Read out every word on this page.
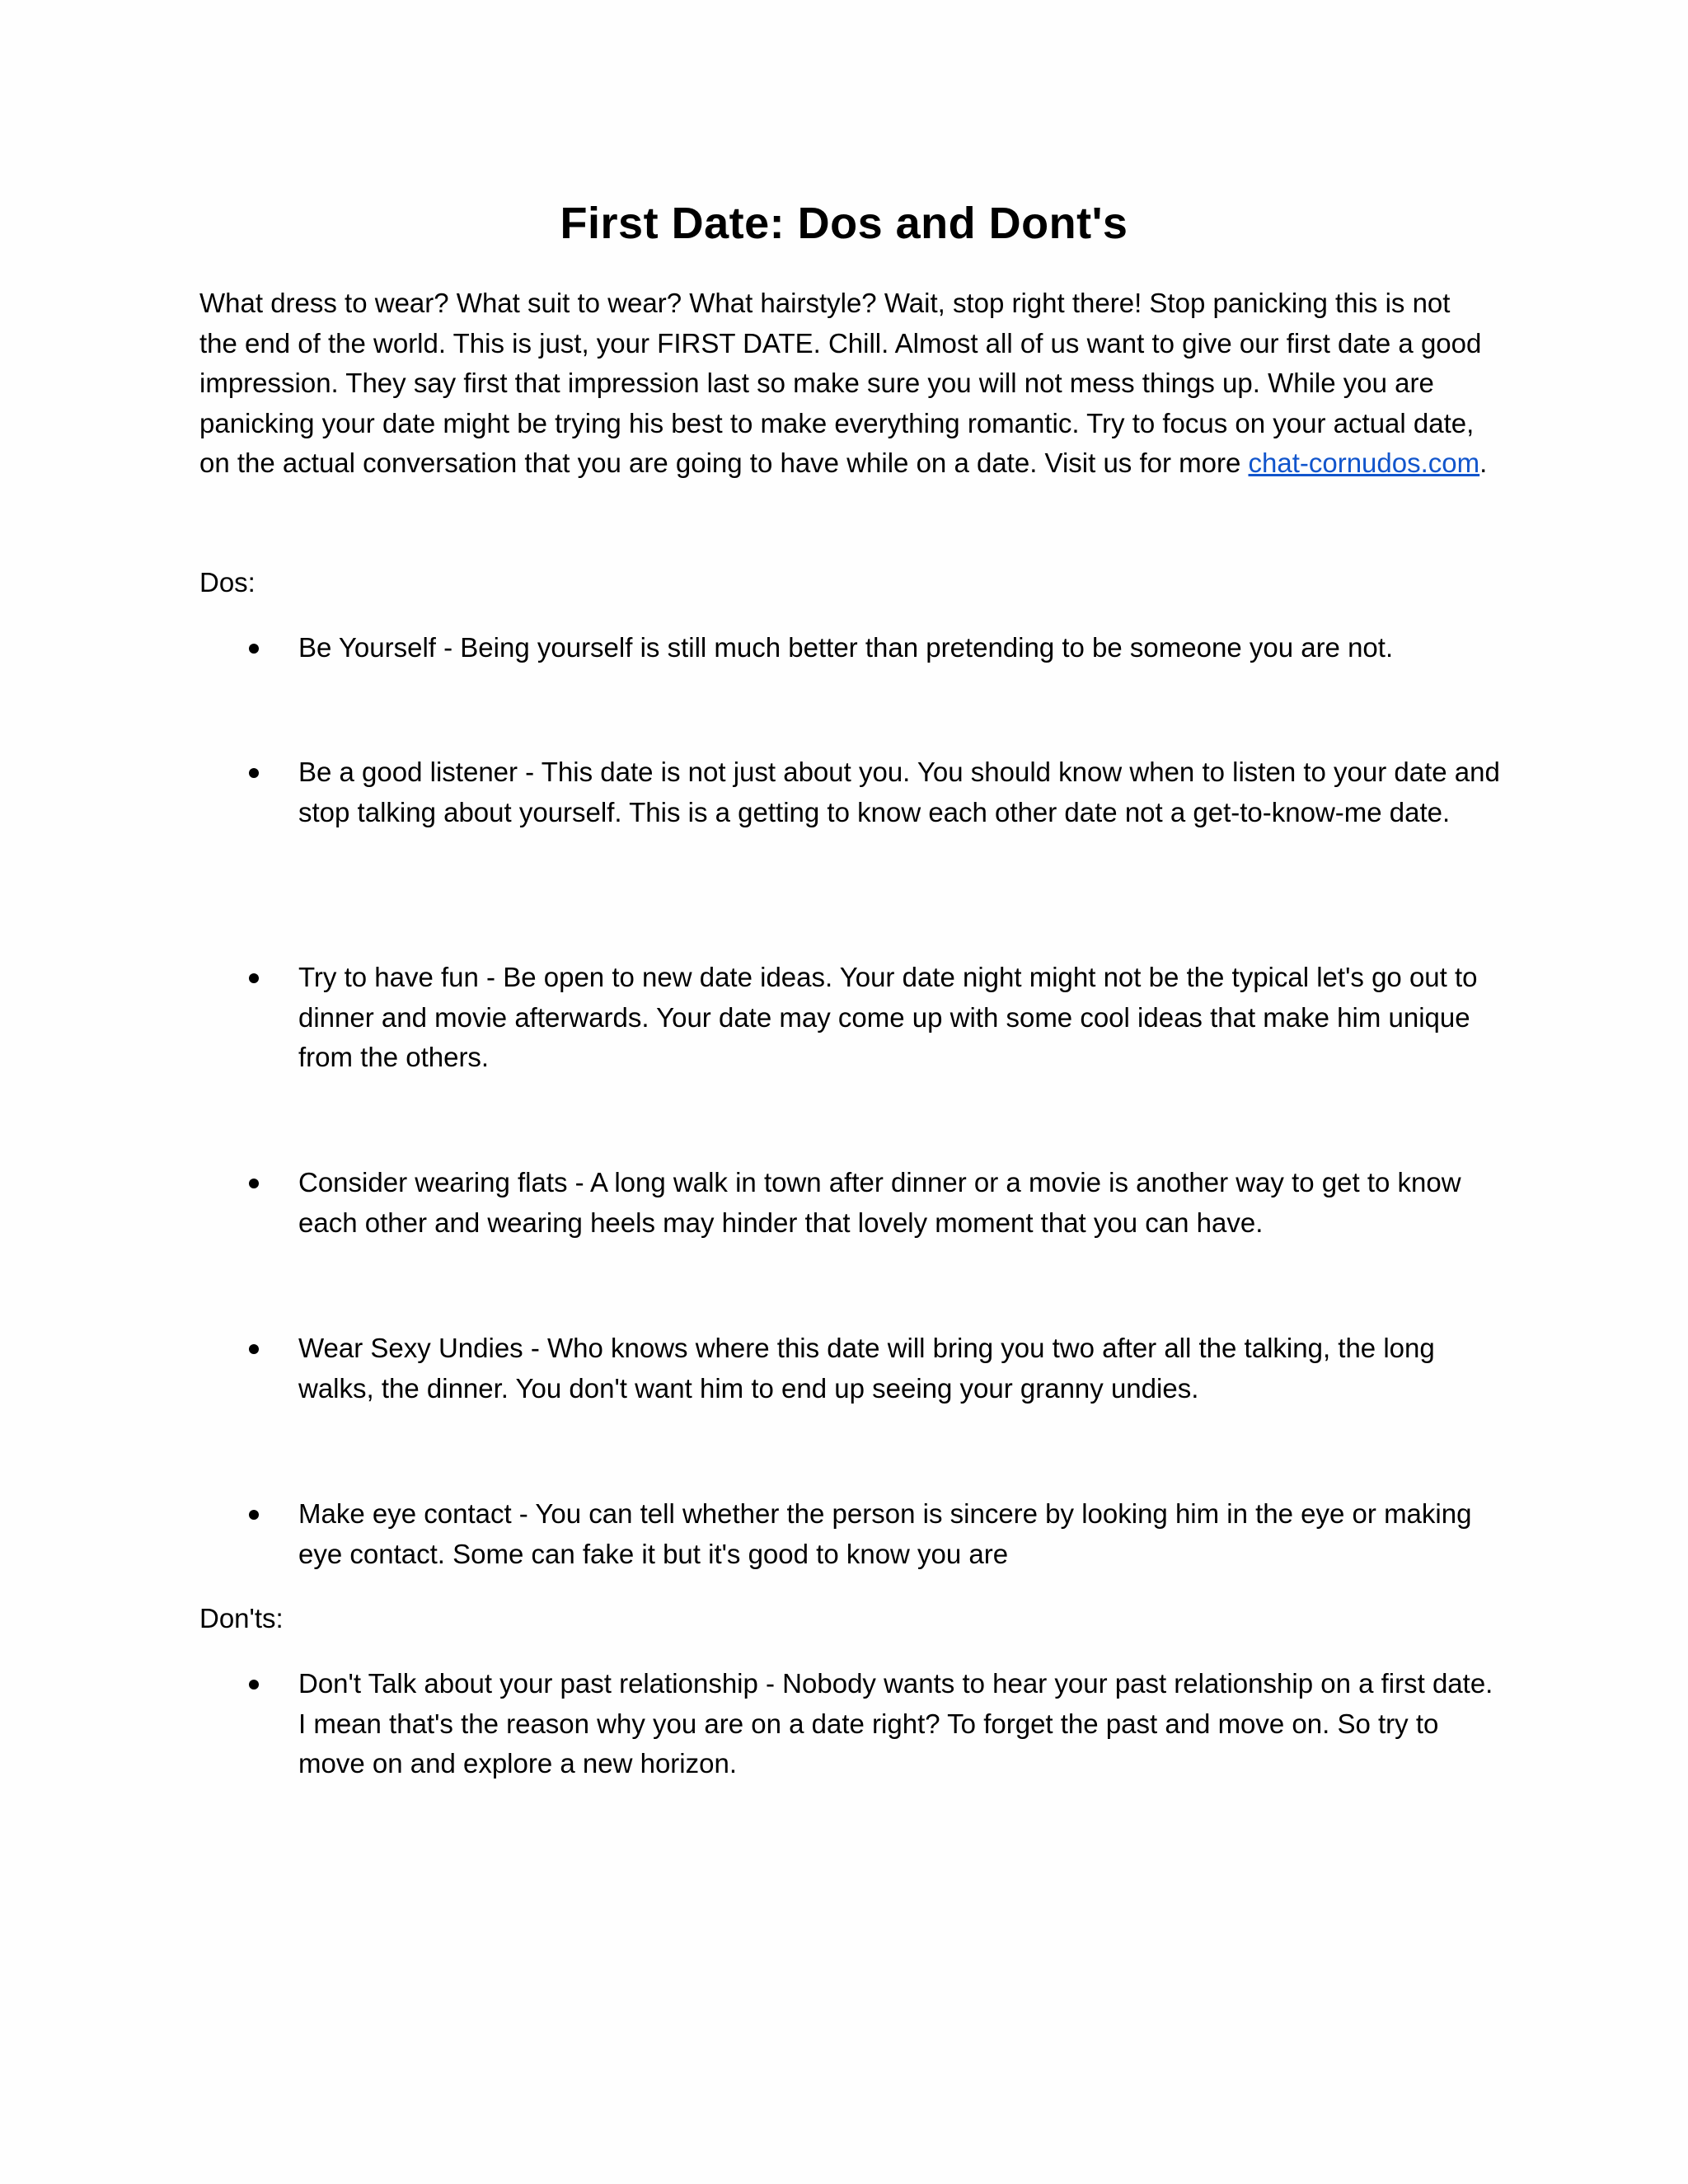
First Date: Dos and Dont's

What dress to wear? What suit to wear? What hairstyle? Wait, stop right there! Stop panicking this is not the end of the world. This is just, your FIRST DATE. Chill. Almost all of us want to give our first date a good impression. They say first that impression last so make sure you will not mess things up. While you are panicking your date might be trying his best to make everything romantic. Try to focus on your actual date, on the actual conversation that you are going to have while on a date. Visit us for more chat-cornudos.com.

Dos:

Be Yourself - Being yourself is still much better than pretending to be someone you are not.
Be a good listener - This date is not just about you. You should know when to listen to your date and stop talking about yourself. This is a getting to know each other date not a get-to-know-me date.
Try to have fun - Be open to new date ideas. Your date night might not be the typical let's go out to dinner and movie afterwards. Your date may come up with some cool ideas that make him unique from the others.
Consider wearing flats - A long walk in town after dinner or a movie is another way to get to know each other and wearing heels may hinder that lovely moment that you can have.
Wear Sexy Undies - Who knows where this date will bring you two after all the talking, the long walks, the dinner. You don't want him to end up seeing your granny undies.
Make eye contact - You can tell whether the person is sincere by looking him in the eye or making eye contact. Some can fake it but it's good to know you are

Don'ts:

Don't Talk about your past relationship - Nobody wants to hear your past relationship on a first date. I mean that's the reason why you are on a date right? To forget the past and move on. So try to move on and explore a new horizon.
